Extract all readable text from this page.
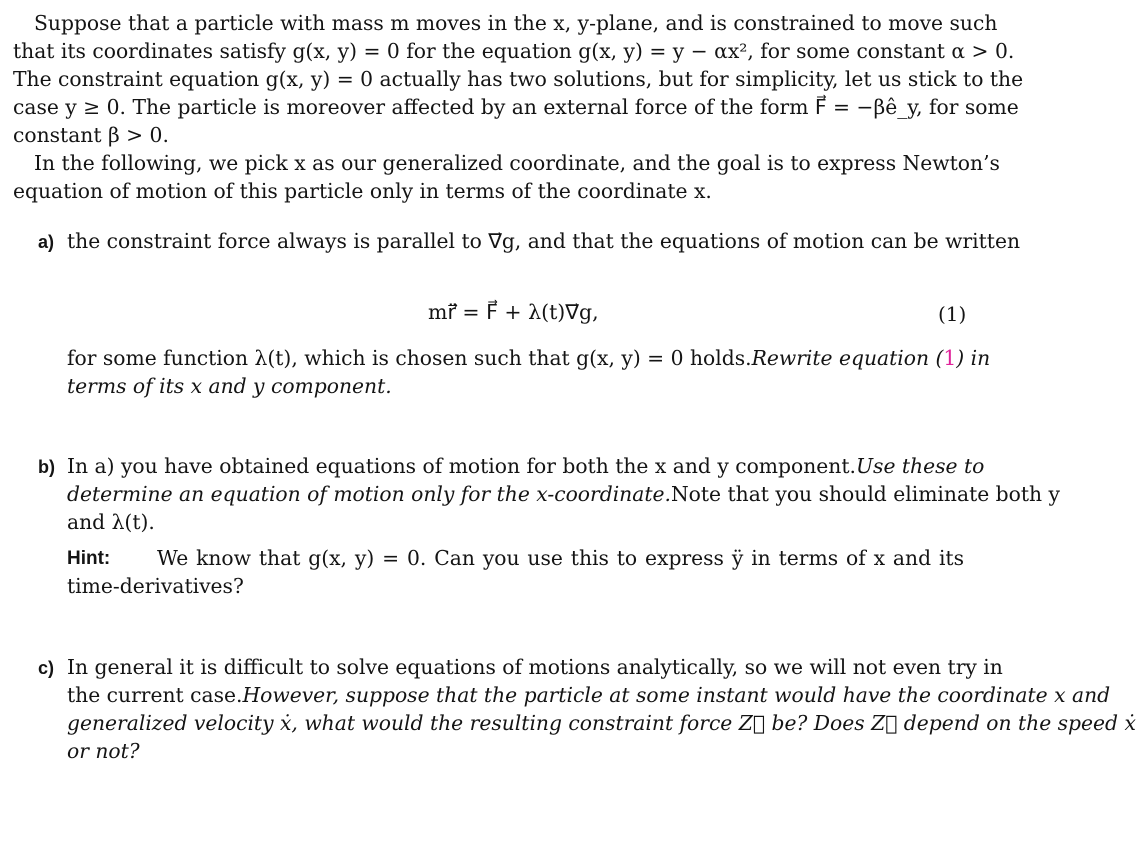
Suppose that a particle with mass m moves in the x, y-plane, and is constrained to move such
that its coordinates satisfy g(x, y) = 0 for the equation g(x, y) = y − αx², for some constant α > 0.
The constraint equation g(x, y) = 0 actually has two solutions, but for simplicity, let us stick to the
case y ≥ 0. The particle is moreover affected by an external force of the form F⃗ = −βê_y, for some
constant β > 0.
In the following, we pick x as our generalized coordinate, and the goal is to express Newton’s
equation of motion of this particle only in terms of the coordinate x.
a) the constraint force always is parallel to ∇⃗g, and that the equations of motion can be written
mr⃗̈ = F⃗ + λ(t)∇⃗g,	(1)
for some function λ(t), which is chosen such that g(x, y) = 0 holds. Rewrite equation (1) in
terms of its x and y component.
b) In a) you have obtained equations of motion for both the x and y component. Use these to
determine an equation of motion only for the x-coordinate. Note that you should eliminate both y
and λ(t).
Hint: We know that g(x, y) = 0. Can you use this to express ÿ in terms of x and its
time-derivatives?
c) In general it is difficult to solve equations of motions analytically, so we will not even try in
the current case. However, suppose that the particle at some instant would have the coordinate x and
generalized velocity ẋ, what would the resulting constraint force Z⃗ be? Does Z⃗ depend on the speed ẋ
or not?
